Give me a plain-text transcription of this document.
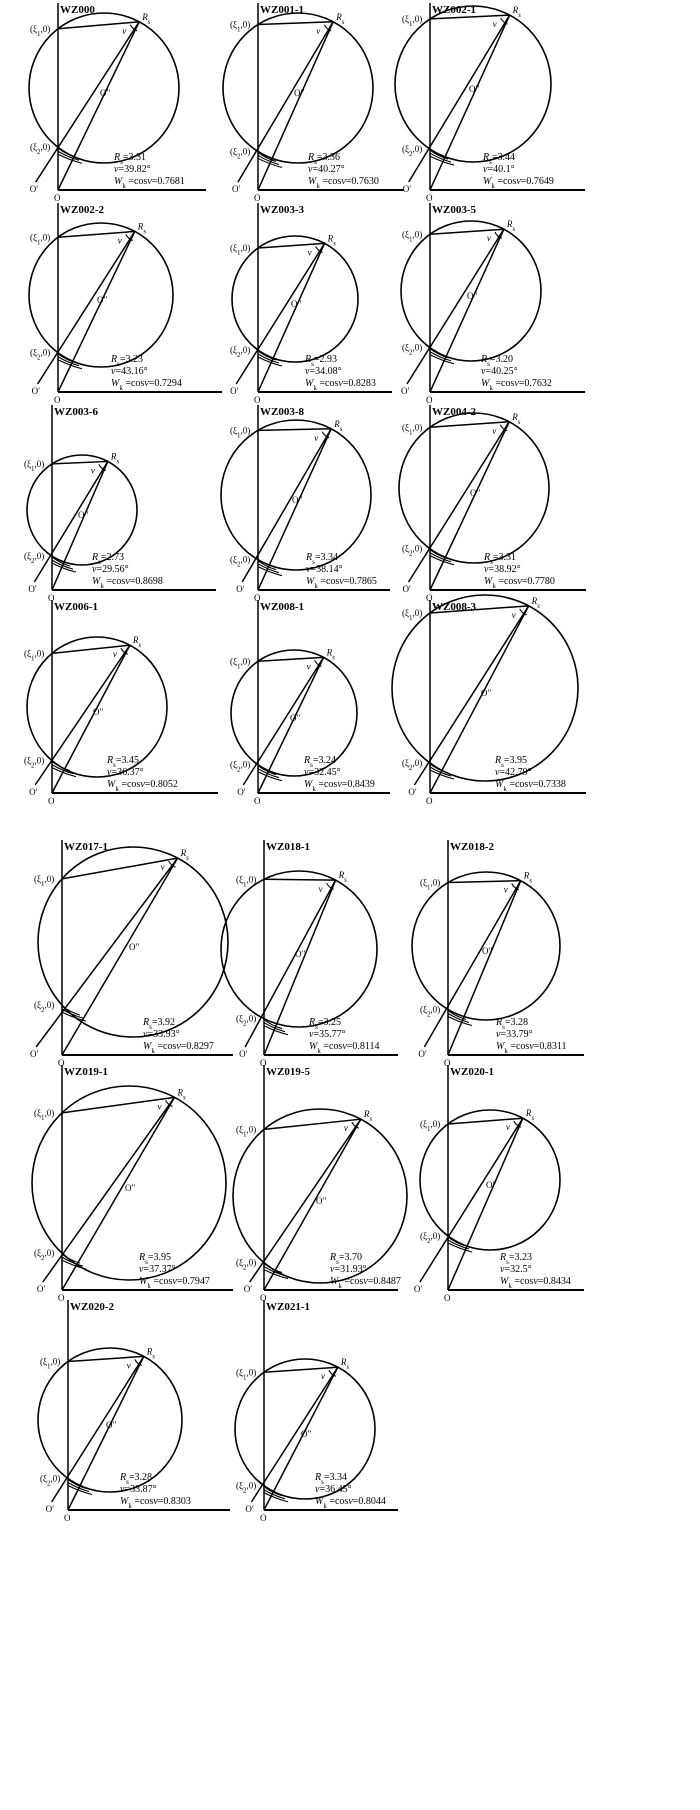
WZ000
$R_s$
ν
$(\xi_1,0)$
$(\xi_2,0)$
O′′
O′
O
$R_s=3.31$
ν=39.82°
$W_k =\cos\nu=0.7681$
WZ001-1
$R_s$
ν
$(\xi_1,0)$
$(\xi_2,0)$
O′′
O′
O
$R_s=3.36$
ν=40.27°
$W_k =\cos\nu=0.7630$
WZ002-1	$R_s$
ν
$(\xi_1,0)$
$(\xi_2,0)$
O′′
O′
O
$R_s=3.44$
ν=40.1°
$W_k =\cos\nu=0.7649$
WZ002-2
$R_s$
ν
$(\xi_1,0)$
$(\xi_2,0)$
O′′
O′
O
$R_s=3.23$
ν=43.16°
$W_k =\cos\nu=0.7294$
WZ003-3
$R_s$
ν
$(\xi_1,0)$
$(\xi_2,0)$
O′′
O′
O
$R_s=2.93$
ν=34.08°
$W_k =\cos\nu=0.8283$
WZ003-5
$R_s$
ν
$(\xi_1,0)$
$(\xi_2,0)$
O′′
O′
O
$R_s=3.20$
ν=40.25°
$W_k =\cos\nu=0.7632$
WZ003-6
$R_s$
ν
$(\xi_1,0)$
$(\xi_2,0)$
O′′
O′
O
$R_s=2.73$
ν=29.56°
$W_k =\cos\nu=0.8698$
WZ003-8
$R_s$
ν
$(\xi_1,0)$
$(\xi_2,0)$
O′′
O′
O
$R_s=3.34$
ν=38.14°
$W_k =\cos\nu=0.7865$
WZ004-2	$R_s$
ν
$(\xi_1,0)$
$(\xi_2,0)$
O′′
O′
O
$R_s=3.31$
ν=38.92°
$W_k =\cos\nu=0.7780$
WZ006-1
$R_s$
ν
$(\xi_1,0)$
$(\xi_2,0)$
O′′
O′
O
$R_s=3.45$
ν=36.37°
$W_k =\cos\nu=0.8052$
WZ008-1
$R_s$
ν
$(\xi_1,0)$
$(\xi_2,0)$
O′′
O′
O
$R_s=3.24$
ν=32.45°
$W_k =\cos\nu=0.8439$
WZ008-3
$R_s$
ν
$(\xi_1,0)$
$(\xi_2,0)$
O′′
O′
O
$R_s=3.95$
ν=42.79°
$W_k =\cos\nu=0.7338$
WZ017-1
$R_s$
ν
$(\xi_1,0)$
$(\xi_2,0)$
O′′
O′
O
$R_s=3.92$
ν=33.93°
$W_k =\cos\nu=0.8297$
WZ018-1
$R_s$
ν
$(\xi_1,0)$
$(\xi_2,0)$
O′′
O′
O
$R_s=3.25$
ν=35.77°
$W_k =\cos\nu=0.8114$
WZ018-2
$R_s$
ν
$(\xi_1,0)$
$(\xi_2,0)$
O′′
O′
O
$R_s=3.28$
ν=33.79°
$W_k =\cos\nu=0.8311$
WZ019-1
$R_s$
ν
$(\xi_1,0)$
$(\xi_2,0)$
O′′
O′
O
$R_s=3.95$
ν=37.37°
$W_k =\cos\nu=0.7947$
WZ019-5
$R_s$
ν
$(\xi_1,0)$
$(\xi_2,0)$
O′′
O′
O
$R_s=3.70$
ν=31.93°
$W_k =\cos\nu=0.8487$
WZ020-1
$R_s$
ν
$(\xi_1,0)$
$(\xi_2,0)$
O′′
O′
O
$R_s=3.23$
ν=32.5°
$W_k =\cos\nu=0.8434$
WZ020-2
$R_s$
ν
$(\xi_1,0)$
$(\xi_2,0)$
O′′
O′
O
$R_s=3.28$
ν=33.87°
$W_k =\cos\nu=0.8303$
WZ021-1
$R_s$
ν
$(\xi_1,0)$
$(\xi_2,0)$
O′′
O′
O
$R_s=3.34$
ν=36.45°
$W_k =\cos\nu=0.8044$
